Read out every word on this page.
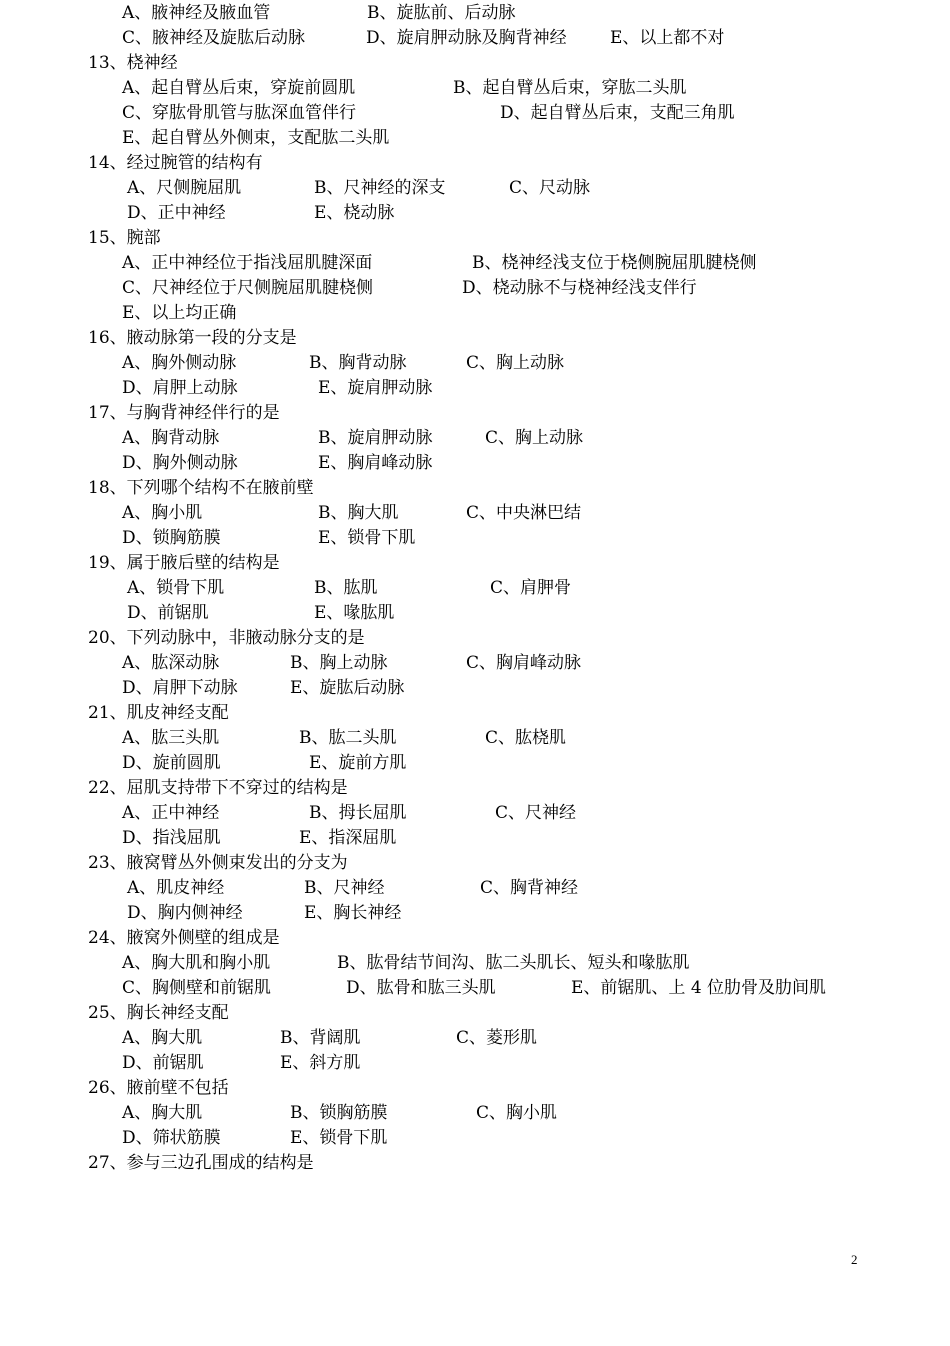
A、腋神经及腋血管	B、旋肱前、后动脉
C、腋神经及旋肱后动脉	D、旋肩胛动脉及胸背神经	E、以上都不对
13、桡神经
A、起自臂丛后束，穿旋前圆肌	B、起自臂丛后束，穿肱二头肌
C、穿肱骨肌管与肱深血管伴行	D、起自臂丛后束，支配三角肌
E、起自臂丛外侧束，支配肱二头肌
14、经过腕管的结构有
A、尺侧腕屈肌	B、尺神经的深支	C、尺动脉
D、正中神经	E、桡动脉
15、腕部
A、正中神经位于指浅屈肌腱深面	B、桡神经浅支位于桡侧腕屈肌腱桡侧
C、尺神经位于尺侧腕屈肌腱桡侧	D、桡动脉不与桡神经浅支伴行
E、以上均正确
16、腋动脉第一段的分支是
A、胸外侧动脉	B、胸背动脉	C、胸上动脉
D、肩胛上动脉	E、旋肩胛动脉
17、与胸背神经伴行的是
A、胸背动脉	B、旋肩胛动脉	C、胸上动脉
D、胸外侧动脉	E、胸肩峰动脉
18、下列哪个结构不在腋前壁
A、胸小肌	B、胸大肌	C、中央淋巴结
D、锁胸筋膜	E、锁骨下肌
19、属于腋后壁的结构是
A、锁骨下肌	B、肱肌	C、肩胛骨
D、前锯肌	E、喙肱肌
20、下列动脉中，非腋动脉分支的是
A、肱深动脉	B、胸上动脉	C、胸肩峰动脉
D、肩胛下动脉	E、旋肱后动脉
21、肌皮神经支配
A、肱三头肌	B、肱二头肌	C、肱桡肌
D、旋前圆肌	E、旋前方肌
22、屈肌支持带下不穿过的结构是
A、正中神经	B、拇长屈肌	C、尺神经
D、指浅屈肌	E、指深屈肌
23、腋窝臂丛外侧束发出的分支为
A、肌皮神经	B、尺神经	C、胸背神经
D、胸内侧神经	E、胸长神经
24、腋窝外侧壁的组成是
A、胸大肌和胸小肌	B、肱骨结节间沟、肱二头肌长、短头和喙肱肌
C、胸侧壁和前锯肌	D、肱骨和肱三头肌	E、前锯肌、上 4 位肋骨及肋间肌
25、胸长神经支配
A、胸大肌	B、背阔肌	C、菱形肌
D、前锯肌	E、斜方肌
26、腋前壁不包括
A、胸大肌	B、锁胸筋膜	C、胸小肌
D、筛状筋膜	E、锁骨下肌
27、参与三边孔围成的结构是
2
